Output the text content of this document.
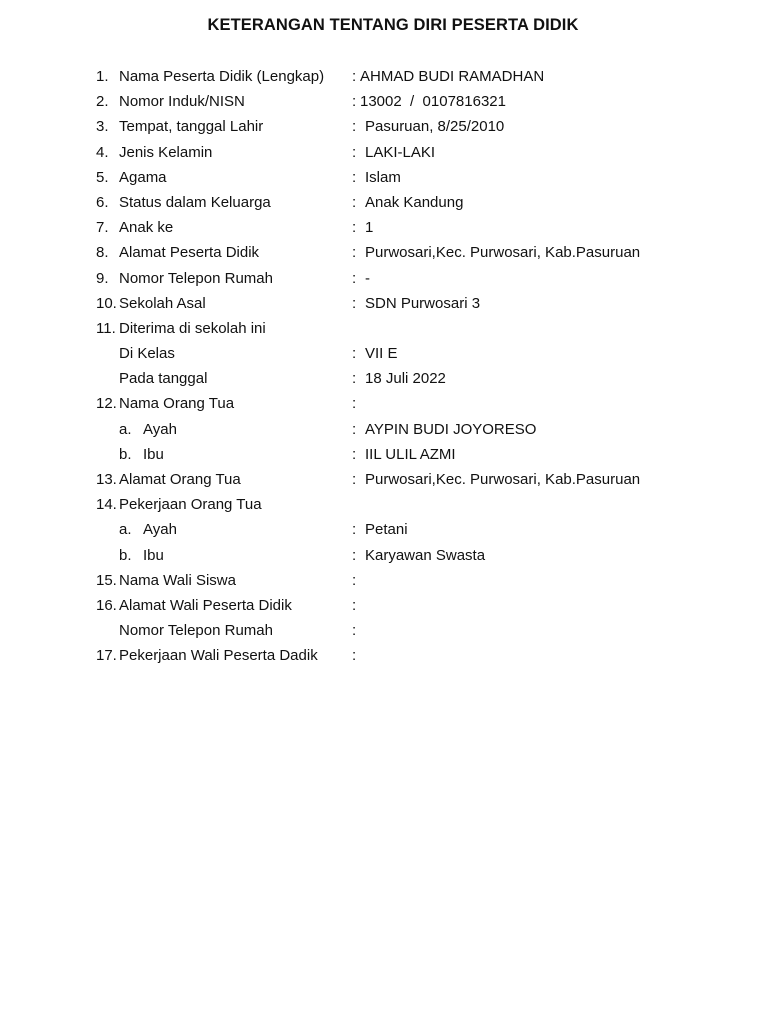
KETERANGAN TENTANG DIRI PESERTA DIDIK
1. Nama Peserta Didik (Lengkap) : AHMAD BUDI RAMADHAN
2. Nomor Induk/NISN	: 13002  /  0107816321
3. Tempat, tanggal Lahir	: Pasuruan, 8/25/2010
4. Jenis Kelamin	: LAKI-LAKI
5. Agama	: Islam
6. Status dalam Keluarga	: Anak Kandung
7. Anak ke	: 1
8. Alamat Peserta Didik	: Purwosari,Kec. Purwosari, Kab.Pasuruan
9. Nomor Telepon Rumah	: -
10. Sekolah Asal	: SDN Purwosari 3
11. Diterima di sekolah ini
Di Kelas	: VII E
Pada tanggal	: 18 Juli 2022
12. Nama Orang Tua	:
a. Ayah	: AYPIN BUDI JOYORESO
b. Ibu	: IIL ULIL AZMI
13. Alamat Orang Tua	: Purwosari,Kec. Purwosari, Kab.Pasuruan
14. Pekerjaan Orang Tua
a. Ayah	: Petani
b. Ibu	: Karyawan Swasta
15. Nama Wali Siswa	:
16. Alamat Wali Peserta Didik	:
Nomor Telepon Rumah	:
17. Pekerjaan Wali Peserta Dadik :
